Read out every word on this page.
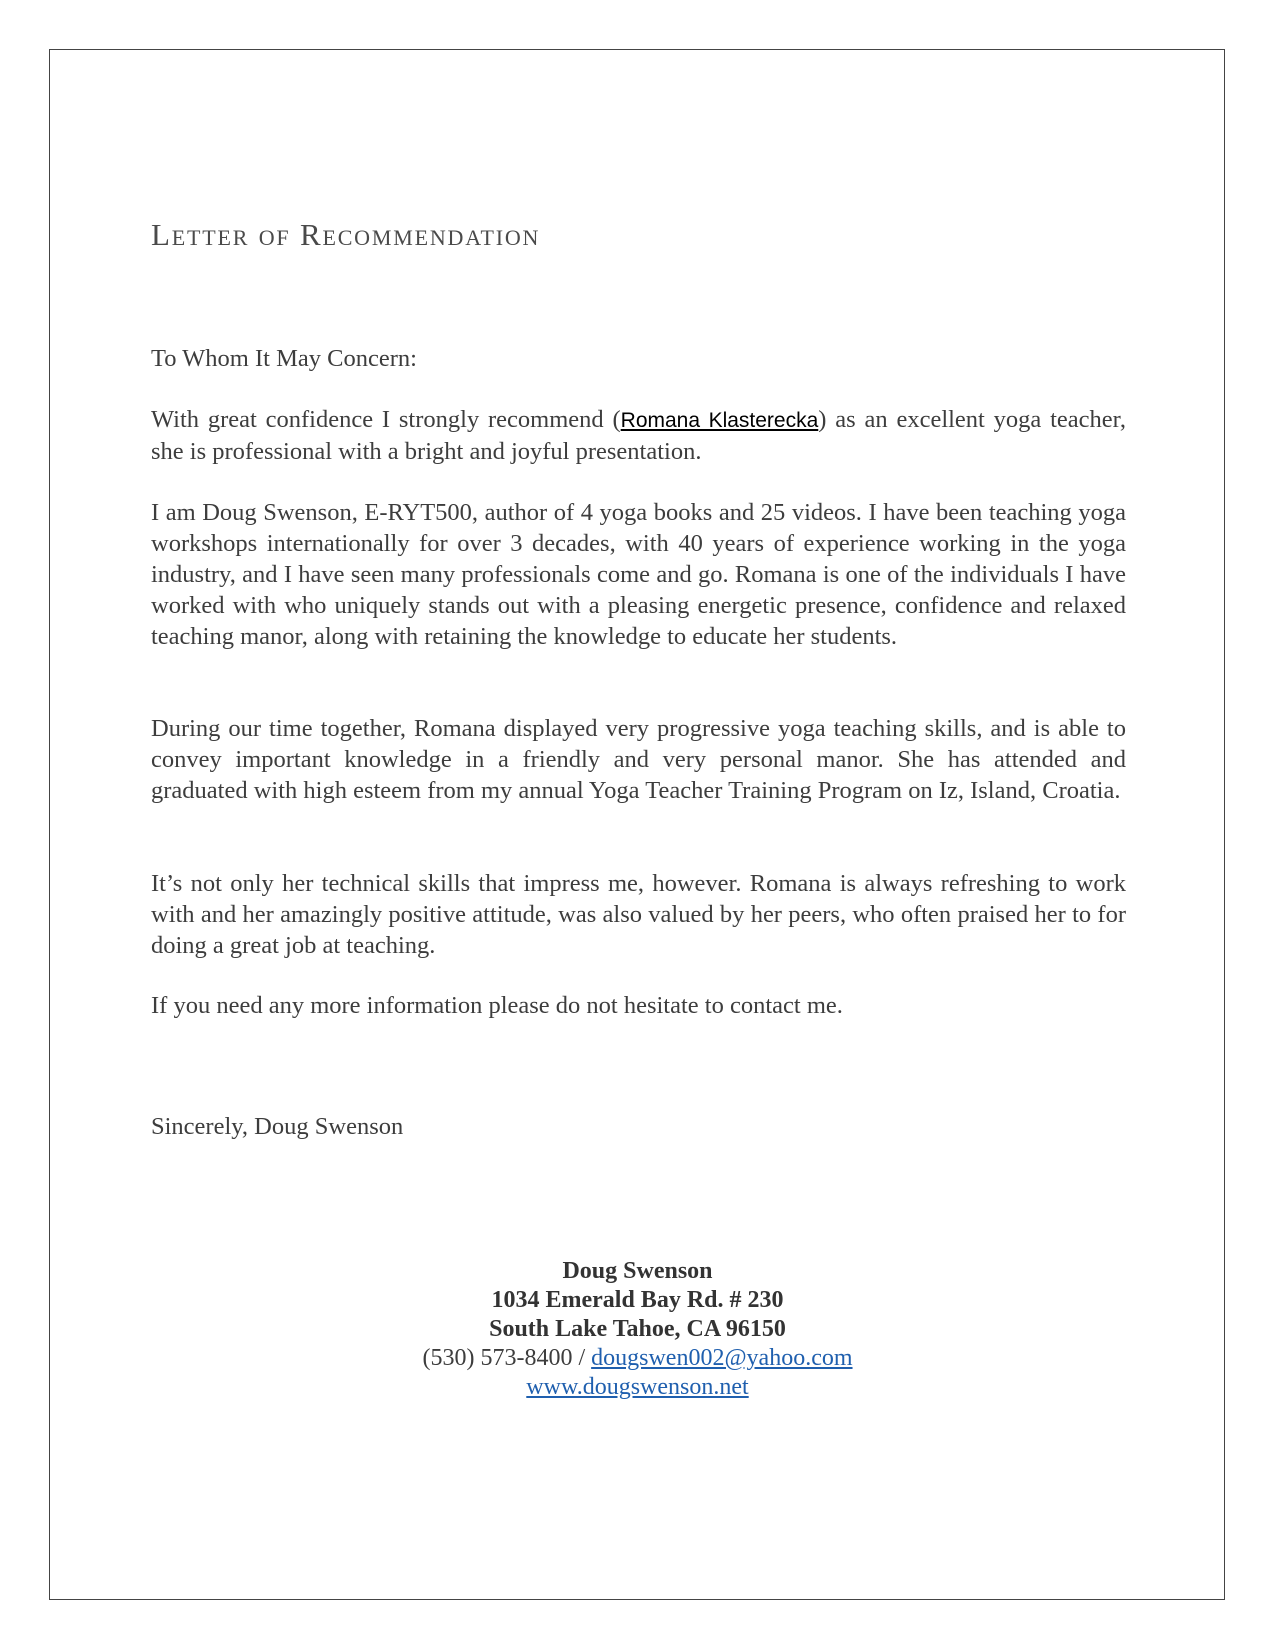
Letter of Recommendation

To Whom It May Concern:

With great confidence I strongly recommend (Romana Klasterecka) as an excellent yoga teacher, she is professional with a bright and joyful presentation.

I am Doug Swenson, E-RYT500, author of 4 yoga books and 25 videos. I have been teaching yoga workshops internationally for over 3 decades, with 40 years of experience working in the yoga industry, and I have seen many professionals come and go. Romana is one of the individuals I have worked with who uniquely stands out with a pleasing energetic presence, confidence and relaxed teaching manor, along with retaining the knowledge to educate her students.

During our time together, Romana displayed very progressive yoga teaching skills, and is able to convey important knowledge in a friendly and very personal manor. She has attended and graduated with high esteem from my annual Yoga Teacher Training Program on Iz, Island, Croatia.

It’s not only her technical skills that impress me, however. Romana is always refreshing to work with and her amazingly positive attitude, was also valued by her peers, who often praised her to for doing a great job at teaching.

If you need any more information please do not hesitate to contact me.

Sincerely, Doug Swenson

Doug Swenson
1034 Emerald Bay Rd. # 230
South Lake Tahoe, CA 96150
(530) 573-8400 / dougswen002@yahoo.com
www.dougswenson.net
